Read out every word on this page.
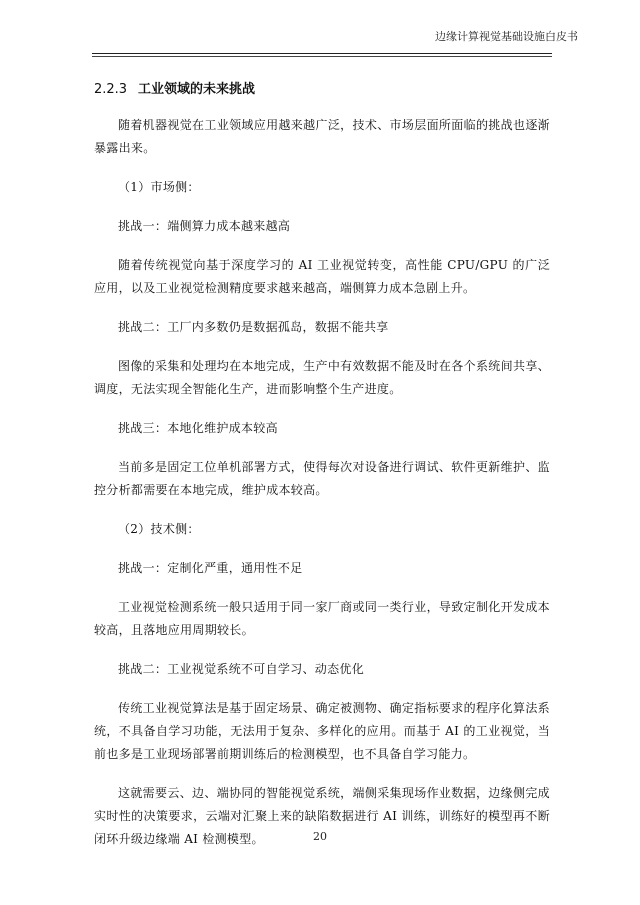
边缘计算视觉基础设施白皮书
2.2.3 工业领域的未来挑战

随着机器视觉在工业领域应用越来越广泛，技术、市场层面所面临的挑战也逐渐暴露出来。

（1）市场侧：

挑战一：端侧算力成本越来越高

随着传统视觉向基于深度学习的 AI 工业视觉转变，高性能 CPU/GPU 的广泛应用，以及工业视觉检测精度要求越来越高，端侧算力成本急剧上升。

挑战二：工厂内多数仍是数据孤岛，数据不能共享

图像的采集和处理均在本地完成，生产中有效数据不能及时在各个系统间共享、调度，无法实现全智能化生产，进而影响整个生产进度。

挑战三：本地化维护成本较高

当前多是固定工位单机部署方式，使得每次对设备进行调试、软件更新维护、监控分析都需要在本地完成，维护成本较高。

（2）技术侧：

挑战一：定制化严重，通用性不足

工业视觉检测系统一般只适用于同一家厂商或同一类行业，导致定制化开发成本较高，且落地应用周期较长。

挑战二：工业视觉系统不可自学习、动态优化

传统工业视觉算法是基于固定场景、确定被测物、确定指标要求的程序化算法系统，不具备自学习功能，无法用于复杂、多样化的应用。而基于 AI 的工业视觉，当前也多是工业现场部署前期训练后的检测模型，也不具备自学习能力。

这就需要云、边、端协同的智能视觉系统，端侧采集现场作业数据，边缘侧完成实时性的决策要求，云端对汇聚上来的缺陷数据进行 AI 训练，训练好的模型再不断闭环升级边缘端 AI 检测模型。	20
